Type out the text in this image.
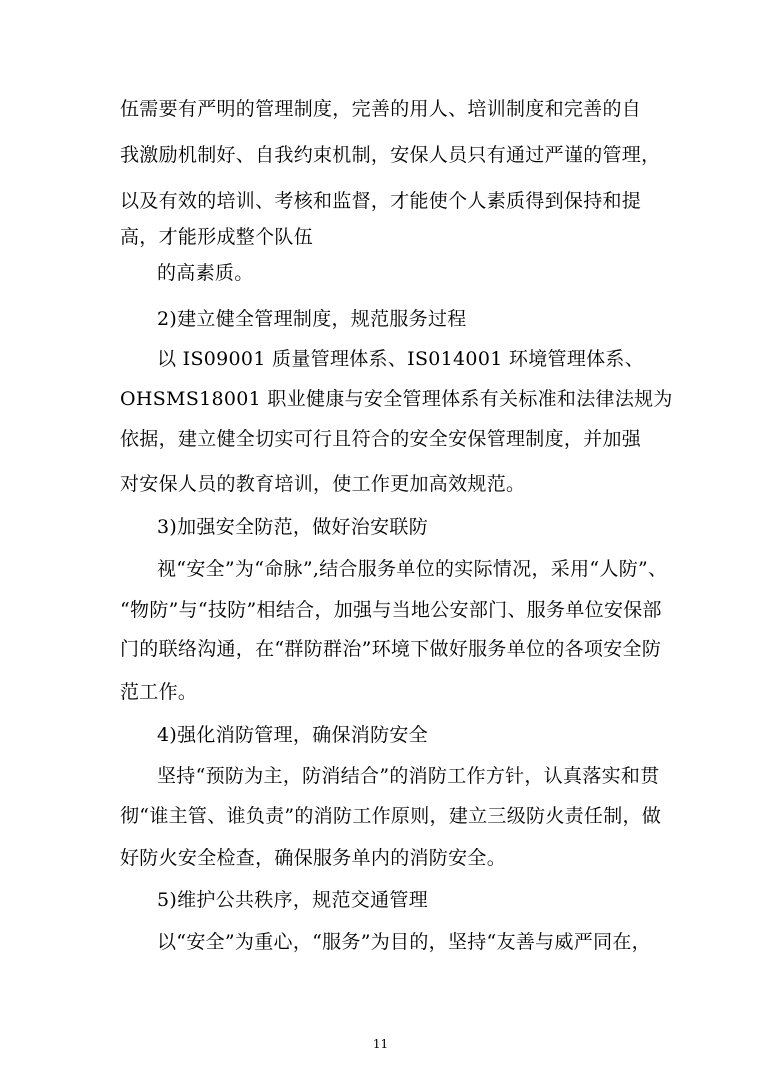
伍需要有严明的管理制度，完善的用人、培训制度和完善的自
我激励机制好、自我约束机制，安保人员只有通过严谨的管理，
以及有效的培训、考核和监督，才能使个人素质得到保持和提
高，才能形成整个队伍
的高素质。
2)建立健全管理制度，规范服务过程
以 IS09001 质量管理体系、IS014001 环境管理体系、
OHSMS18001 职业健康与安全管理体系有关标准和法律法规为
依据，建立健全切实可行且符合的安全安保管理制度，并加强
对安保人员的教育培训，使工作更加高效规范。
3)加强安全防范，做好治安联防
视“安全”为“命脉”,结合服务单位的实际情况，采用“人防”、
“物防”与“技防”相结合，加强与当地公安部门、服务单位安保部
门的联络沟通，在“群防群治”环境下做好服务单位的各项安全防
范工作。
4)强化消防管理，确保消防安全
坚持“预防为主，防消结合”的消防工作方针，认真落实和贯
彻“谁主管、谁负责”的消防工作原则，建立三级防火责任制，做
好防火安全检查，确保服务单内的消防安全。
5)维护公共秩序，规范交通管理
以“安全”为重心，“服务”为目的，坚持“友善与威严同在，
11
